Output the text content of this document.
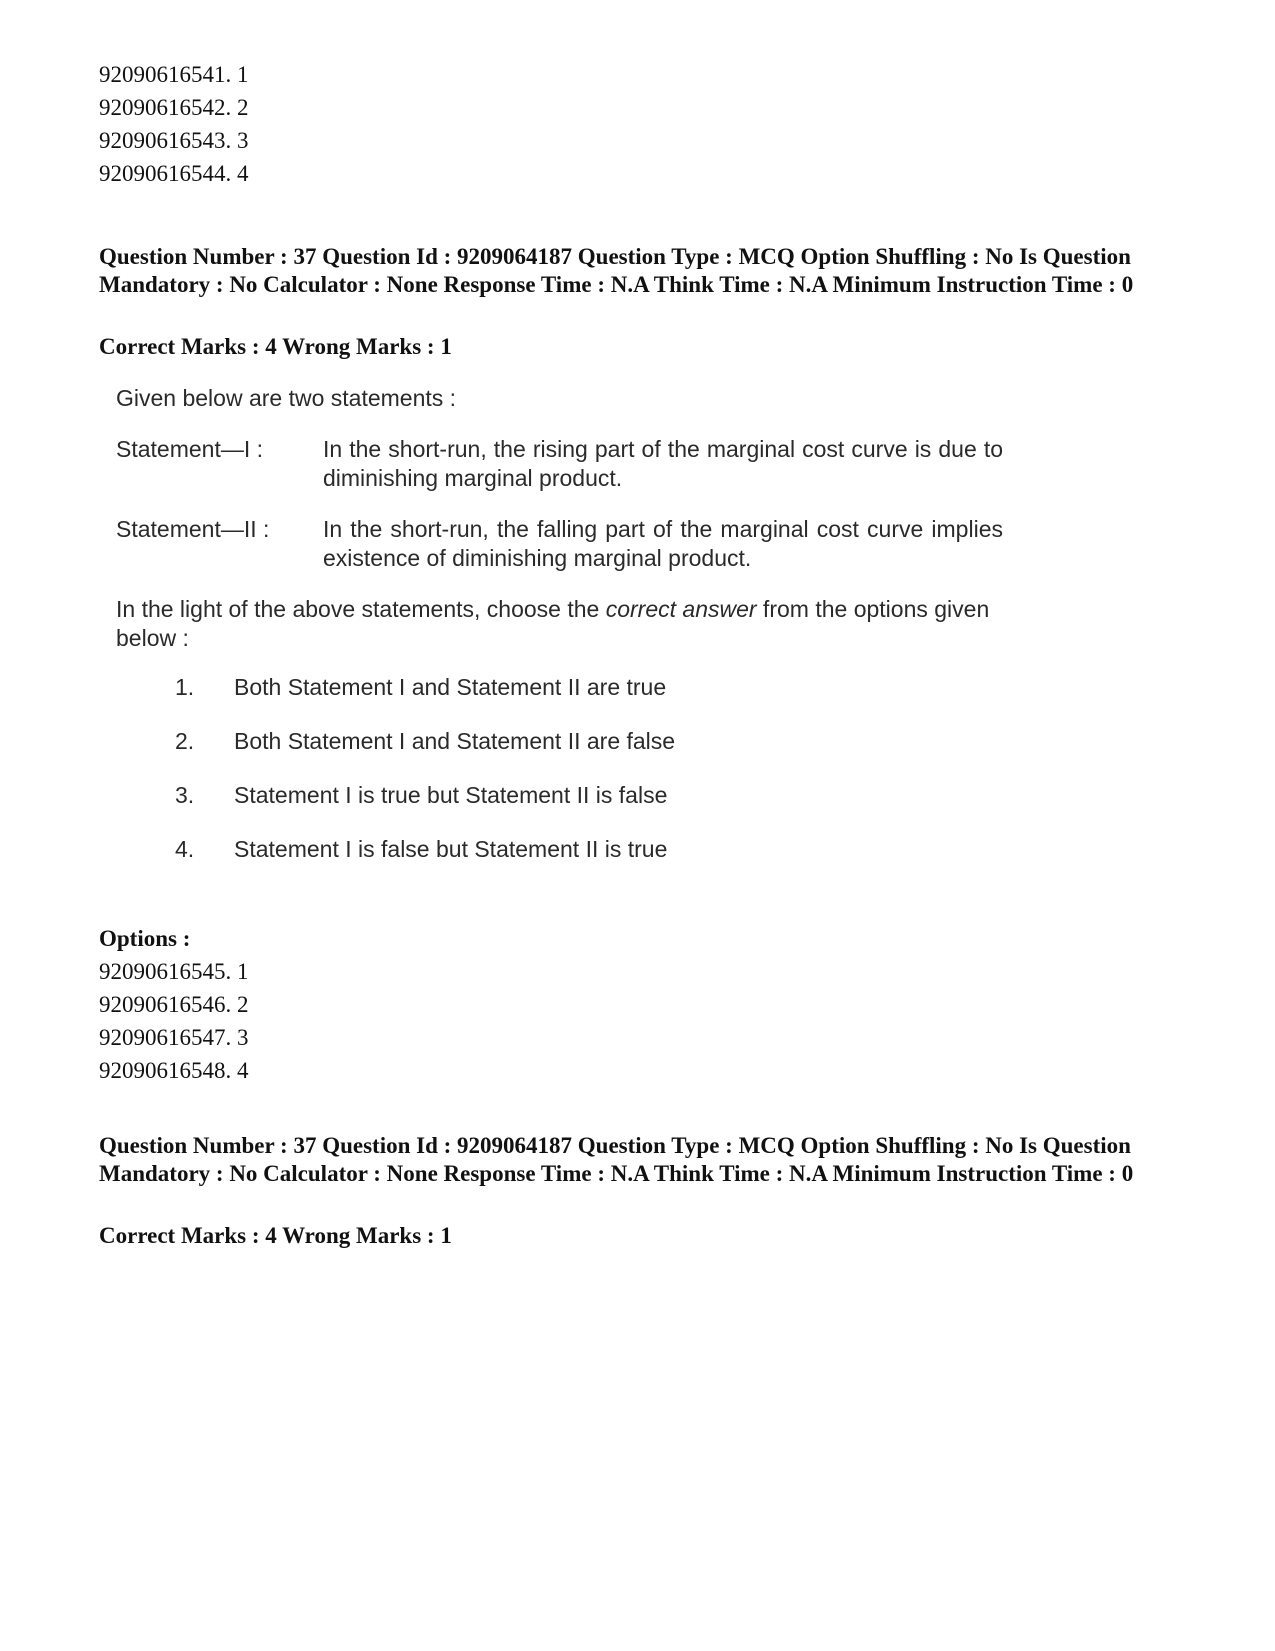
92090616541. 1
92090616542. 2
92090616543. 3
92090616544. 4
Question Number : 37 Question Id : 9209064187 Question Type : MCQ Option Shuffling : No Is Question Mandatory : No Calculator : None Response Time : N.A Think Time : N.A Minimum Instruction Time : 0
Correct Marks : 4 Wrong Marks : 1
Given below are two statements :
Statement—I :	In the short-run, the rising part of the marginal cost curve is due to diminishing marginal product.
Statement—II :	In the short-run, the falling part of the marginal cost curve implies existence of diminishing marginal product.
In the light of the above statements, choose the correct answer from the options given below :
1.	Both Statement I and Statement II are true
2.	Both Statement I and Statement II are false
3.	Statement I is true but Statement II is false
4.	Statement I is false but Statement II is true
Options :
92090616545. 1
92090616546. 2
92090616547. 3
92090616548. 4
Question Number : 37 Question Id : 9209064187 Question Type : MCQ Option Shuffling : No Is Question Mandatory : No Calculator : None Response Time : N.A Think Time : N.A Minimum Instruction Time : 0
Correct Marks : 4 Wrong Marks : 1
